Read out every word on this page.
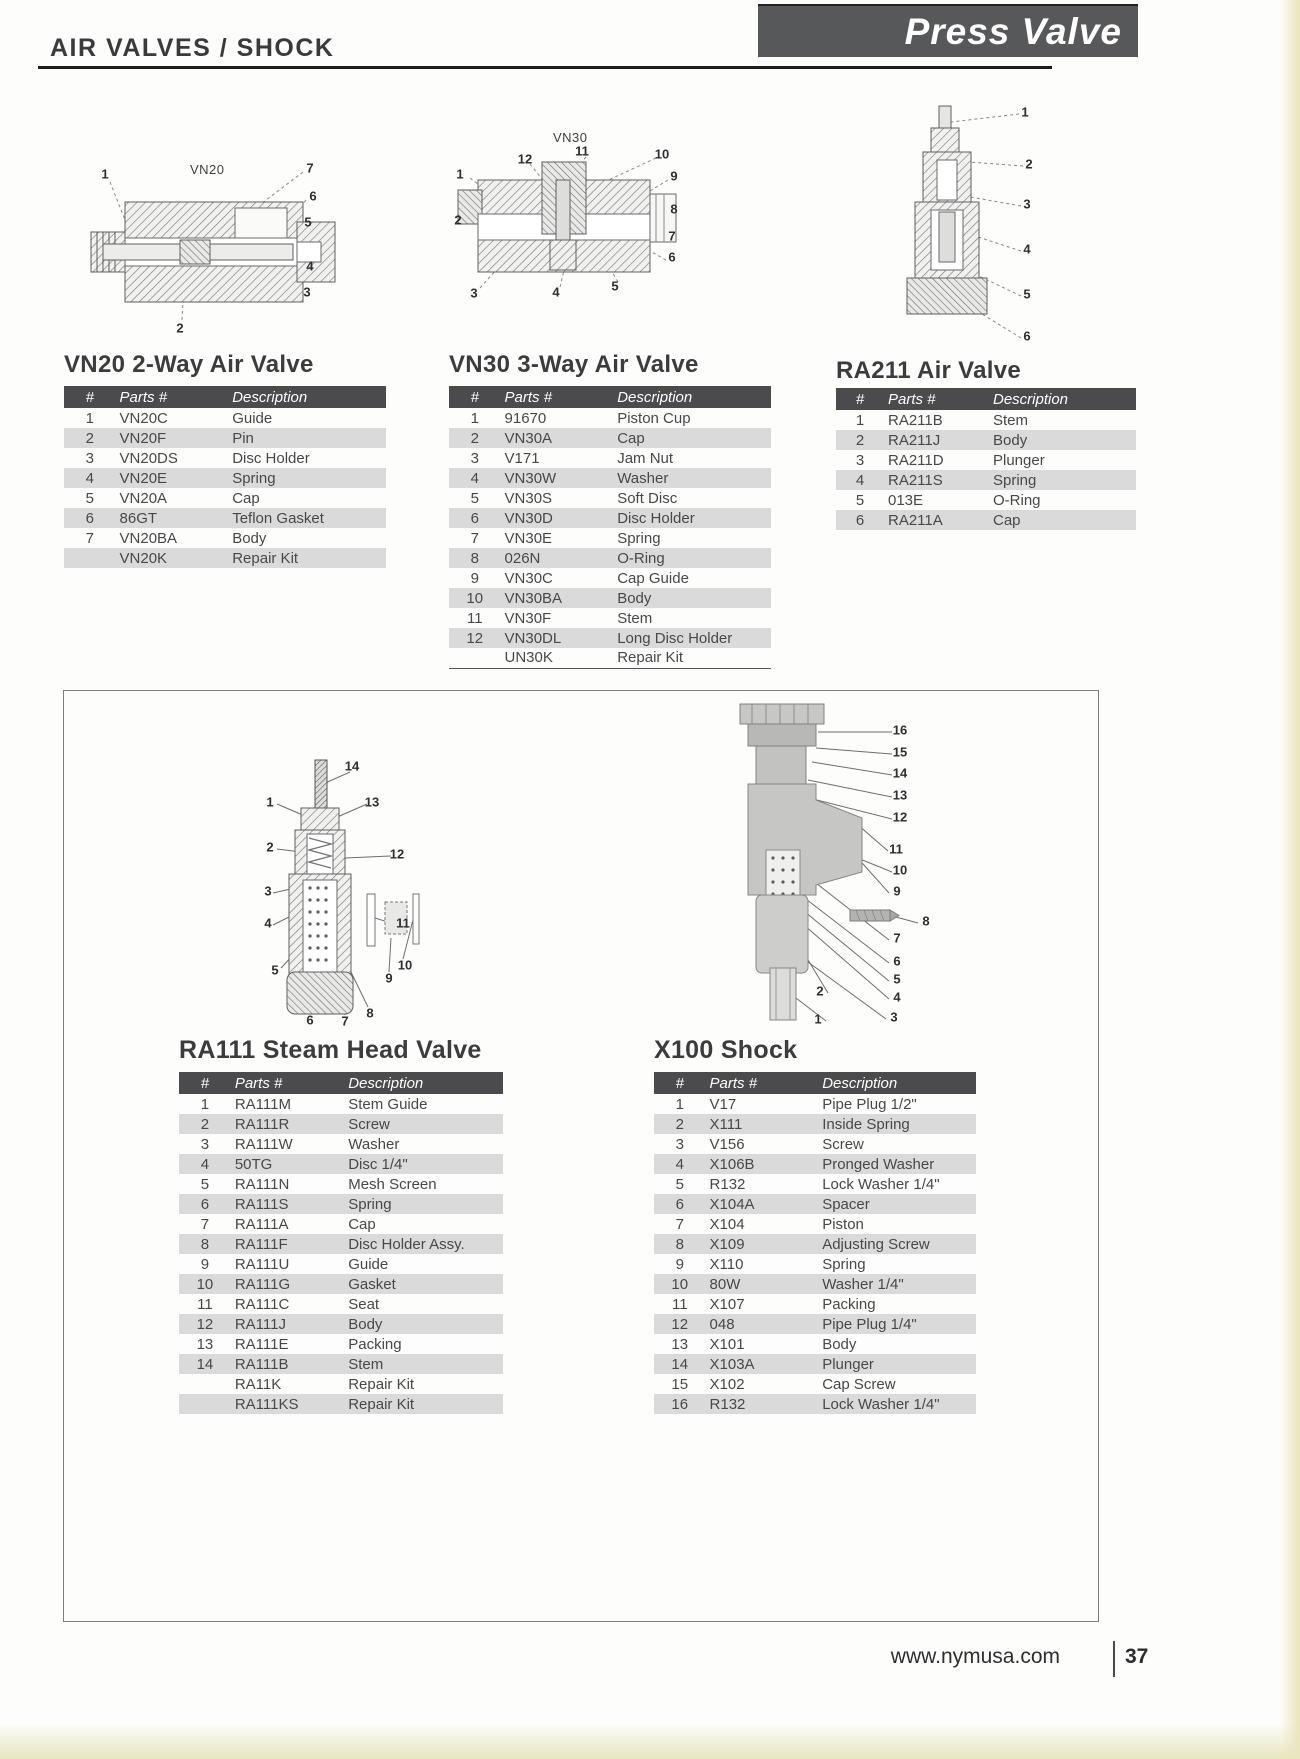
AIR VALVES / SHOCK	Press Valve
VN20
1	7
6
5
4
3
2
VN30
1
2
12
11	10
9
8
7
6
5
4
3
1
2
3
4
5
6
14
1	13
2	12
3
4	11
5	10
9
6 7
8
16
15
14
13
12
11
10
9
8
7
6
5
4
3
2
1
VN20 2-Way Air Valve	VN30 3-Way Air Valve	RA211 Air Valve
RA111 Steam Head Valve	X100 Shock
#	Parts #	Description
1	VN20C	Guide
2	VN20F	Pin
3	VN20DS	Disc Holder
4	VN20E	Spring
5	VN20A	Cap
6	86GT	Teflon Gasket
7	VN20BA	Body
	VN20K	Repair Kit
#	Parts #	Description
1	91670	Piston Cup
2	VN30A	Cap
3	V171	Jam Nut
4	VN30W	Washer
5	VN30S	Soft Disc
6	VN30D	Disc Holder
7	VN30E	Spring
8	026N	O-Ring
9	VN30C	Cap Guide
10	VN30BA	Body
11	VN30F	Stem
12	VN30DL	Long Disc Holder
	UN30K	Repair Kit
#	Parts #	Description
1	RA211B	Stem
2	RA211J	Body
3	RA211D	Plunger
4	RA211S	Spring
5	013E	O-Ring
6	RA211A	Cap
#	Parts #	Description
1	RA111M	Stem Guide
2	RA111R	Screw
3	RA111W	Washer
4	50TG	Disc 1/4"
5	RA111N	Mesh Screen
6	RA111S	Spring
7	RA111A	Cap
8	RA111F	Disc Holder Assy.
9	RA111U	Guide
10	RA111G	Gasket
11	RA111C	Seat
12	RA111J	Body
13	RA111E	Packing
14	RA111B	Stem
	RA11K	Repair Kit
	RA111KS	Repair Kit
#	Parts #	Description
1	V17	Pipe Plug 1/2"
2	X111	Inside Spring
3	V156	Screw
4	X106B	Pronged Washer
5	R132	Lock Washer 1/4"
6	X104A	Spacer
7	X104	Piston
8	X109	Adjusting Screw
9	X110	Spring
10	80W	Washer 1/4"
11	X107	Packing
12	048	Pipe Plug 1/4"
13	X101	Body
14	X103A	Plunger
15	X102	Cap Screw
16	R132	Lock Washer 1/4"
www.nymusa.com	37
